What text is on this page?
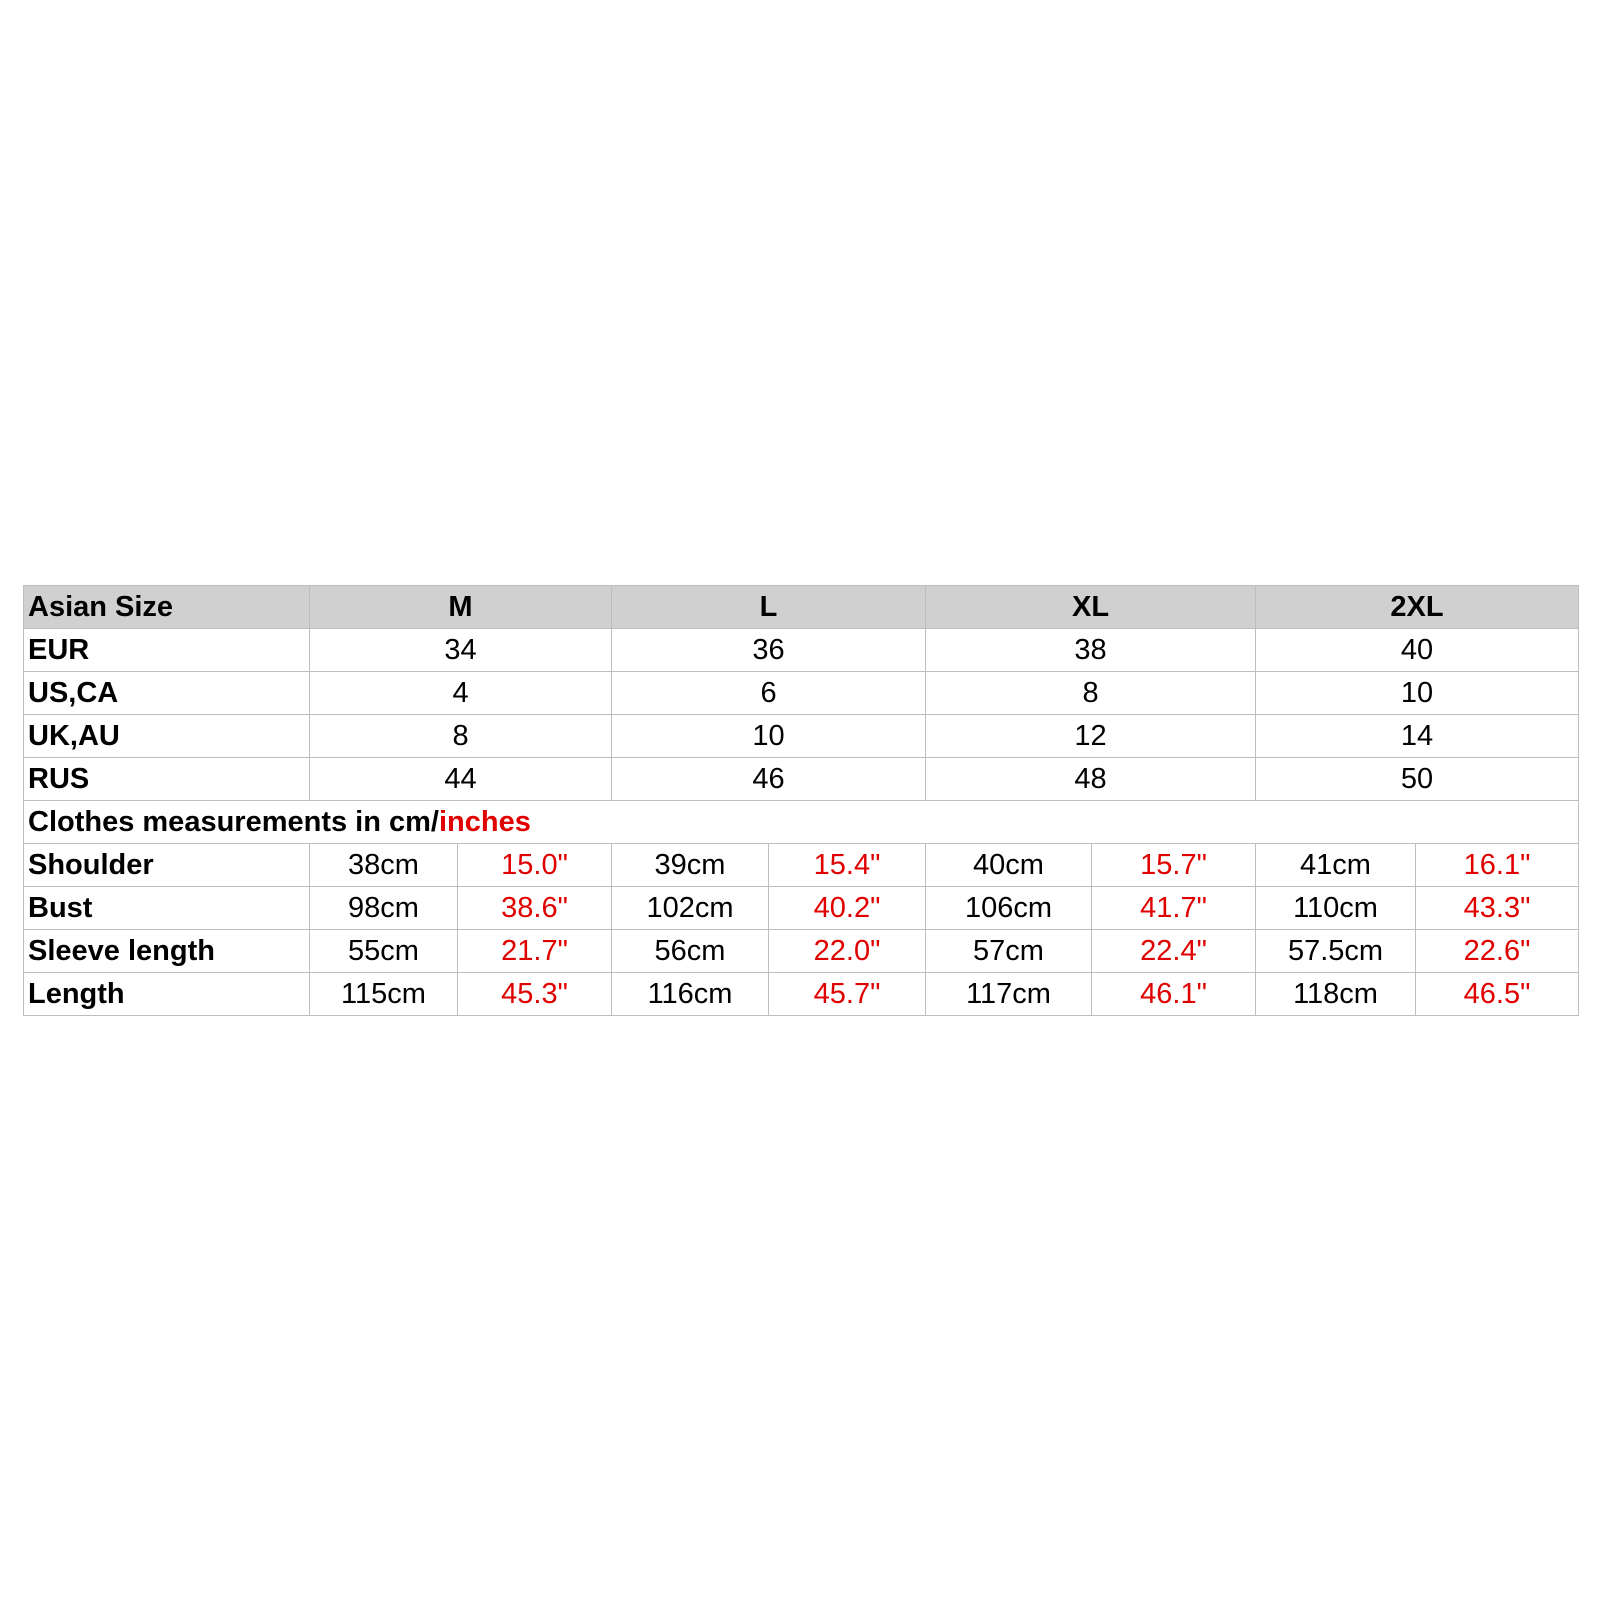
Asian Size	M		L		XL		2XL	
EUR	34		36		38		40	
US,CA	4		6		8		10	
UK,AU	8		10		12		14	
RUS	44		46		48		50	
Clothes measurements in cm/inches								
Shoulder	38cm	15.0"	39cm	15.4"	40cm	15.7"	41cm	16.1"
Bust	98cm	38.6"	102cm	40.2"	106cm	41.7"	110cm	43.3"
Sleeve length	55cm	21.7"	56cm	22.0"	57cm	22.4"	57.5cm	22.6"
Length	115cm	45.3"	116cm	45.7"	117cm	46.1"	118cm	46.5"
